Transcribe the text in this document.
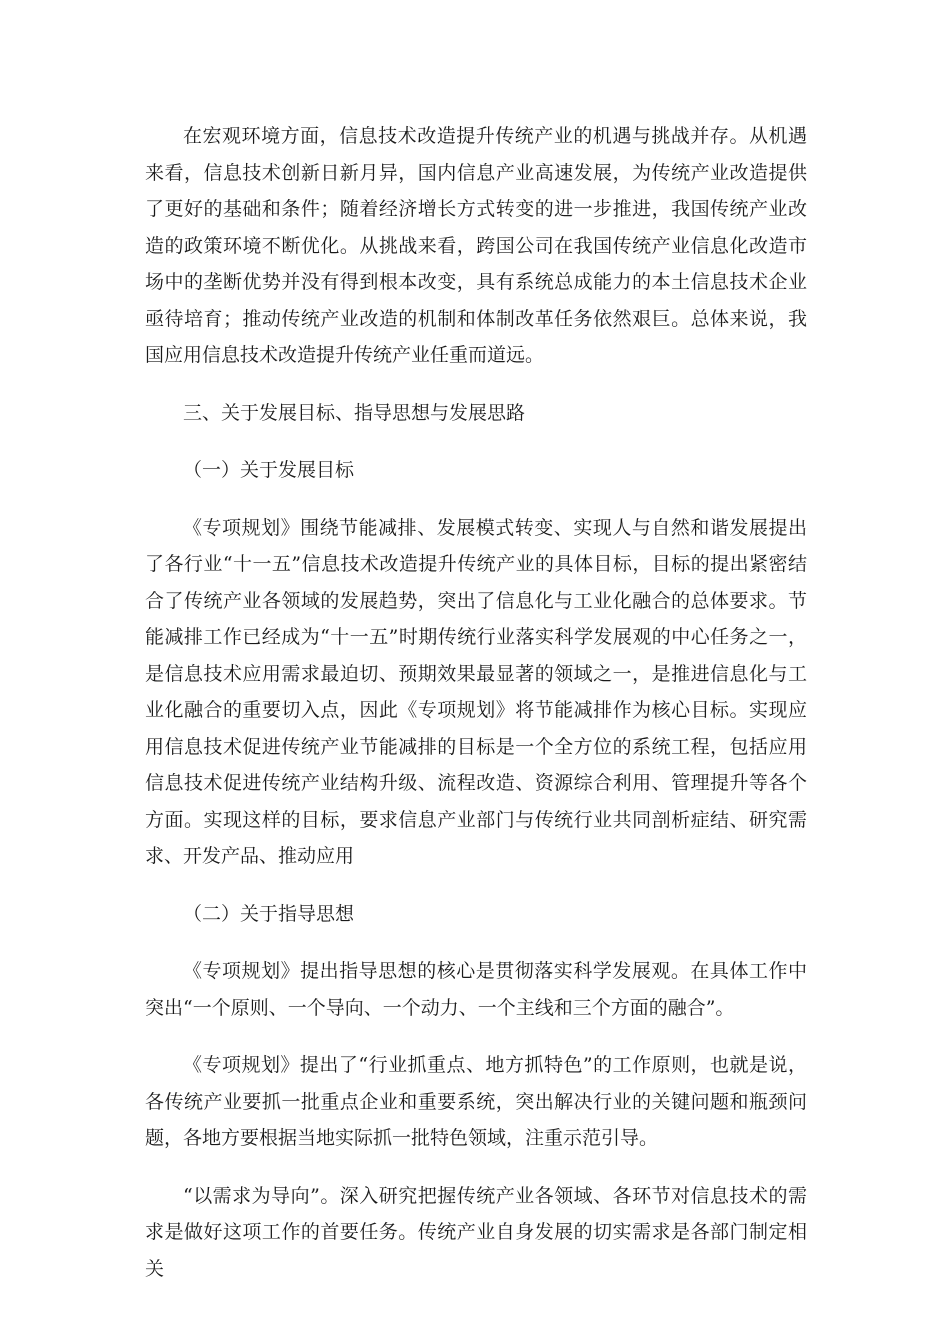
在宏观环境方面，信息技术改造提升传统产业的机遇与挑战并存。从机遇来看，信息技术创新日新月异，国内信息产业高速发展，为传统产业改造提供了更好的基础和条件；随着经济增长方式转变的进一步推进，我国传统产业改造的政策环境不断优化。从挑战来看，跨国公司在我国传统产业信息化改造市场中的垄断优势并没有得到根本改变，具有系统总成能力的本土信息技术企业亟待培育；推动传统产业改造的机制和体制改革任务依然艰巨。总体来说，我国应用信息技术改造提升传统产业任重而道远。

三、关于发展目标、指导思想与发展思路

（一）关于发展目标

《专项规划》围绕节能减排、发展模式转变、实现人与自然和谐发展提出了各行业“十一五”信息技术改造提升传统产业的具体目标，目标的提出紧密结合了传统产业各领域的发展趋势，突出了信息化与工业化融合的总体要求。节能减排工作已经成为“十一五”时期传统行业落实科学发展观的中心任务之一，是信息技术应用需求最迫切、预期效果最显著的领域之一，是推进信息化与工业化融合的重要切入点，因此《专项规划》将节能减排作为核心目标。实现应用信息技术促进传统产业节能减排的目标是一个全方位的系统工程，包括应用信息技术促进传统产业结构升级、流程改造、资源综合利用、管理提升等各个方面。实现这样的目标，要求信息产业部门与传统行业共同剖析症结、研究需求、开发产品、推动应用

（二）关于指导思想

《专项规划》提出指导思想的核心是贯彻落实科学发展观。在具体工作中突出“一个原则、一个导向、一个动力、一个主线和三个方面的融合”。

《专项规划》提出了“行业抓重点、地方抓特色”的工作原则，也就是说，各传统产业要抓一批重点企业和重要系统，突出解决行业的关键问题和瓶颈问题，各地方要根据当地实际抓一批特色领域，注重示范引导。

“以需求为导向”。深入研究把握传统产业各领域、各环节对信息技术的需求是做好这项工作的首要任务。传统产业自身发展的切实需求是各部门制定相关
